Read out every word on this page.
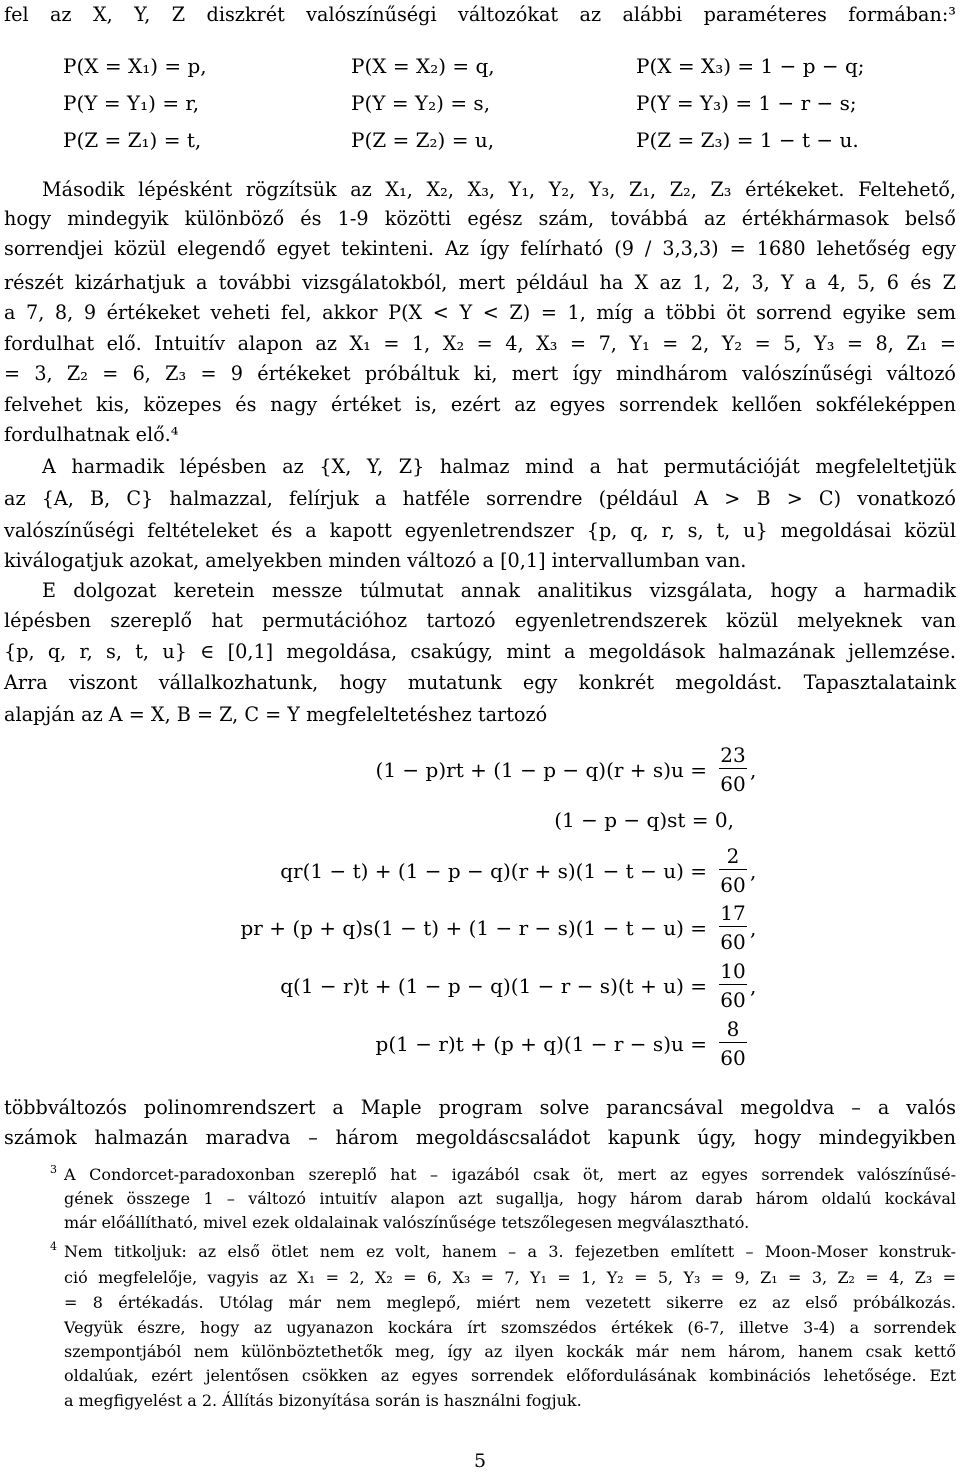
fel az X, Y, Z diszkrét valószínűségi változókat az alábbi paraméteres formában:³
P(X = X₁) = p,	P(X = X₂) = q,	P(X = X₃) = 1 − p − q;
P(Y = Y₁) = r,	P(Y = Y₂) = s,	P(Y = Y₃) = 1 − r − s;
P(Z = Z₁) = t,	P(Z = Z₂) = u,	P(Z = Z₃) = 1 − t − u.
Második lépésként rögzítsük az X₁, X₂, X₃, Y₁, Y₂, Y₃, Z₁, Z₂, Z₃ értékeket. Feltehető,
hogy mindegyik különböző és 1-9 közötti egész szám, továbbá az értékhármasok belső
sorrendjei közül elegendő egyet tekinteni. Az így felírható (9 / 3,3,3) = 1680 lehetőség egy
részét kizárhatjuk a további vizsgálatokból, mert például ha X az 1, 2, 3, Y a 4, 5, 6 és Z
a 7, 8, 9 értékeket veheti fel, akkor P(X < Y < Z) = 1, míg a többi öt sorrend egyike sem
fordulhat elő. Intuitív alapon az X₁ = 1, X₂ = 4, X₃ = 7, Y₁ = 2, Y₂ = 5, Y₃ = 8, Z₁ =
= 3, Z₂ = 6, Z₃ = 9 értékeket próbáltuk ki, mert így mindhárom valószínűségi változó
felvehet kis, közepes és nagy értéket is, ezért az egyes sorrendek kellően sokféleképpen
fordulhatnak elő.⁴
A harmadik lépésben az {X, Y, Z} halmaz mind a hat permutációját megfeleltetjük
az {A, B, C} halmazzal, felírjuk a hatféle sorrendre (például A > B > C) vonatkozó
valószínűségi feltételeket és a kapott egyenletrendszer {p, q, r, s, t, u} megoldásai közül
kiválogatjuk azokat, amelyekben minden változó a [0,1] intervallumban van.
E dolgozat keretein messze túlmutat annak analitikus vizsgálata, hogy a harmadik
lépésben szereplő hat permutációhoz tartozó egyenletrendszerek közül melyeknek van
{p, q, r, s, t, u} ∈ [0,1] megoldása, csakúgy, mint a megoldások halmazának jellemzése.
Arra viszont vállalkozhatunk, hogy mutatunk egy konkrét megoldást. Tapasztalataink
alapján az A = X, B = Z, C = Y megfeleltetéshez tartozó
$(1 - p)rt + (1 - p - q)(r + s)u = \frac{23}{60}$ ,
(1 − p − q)st = 0,
$qr(1 - t) + (1 - p - q)(r + s)(1 - t - u) = \frac{2}{60}$ ,
pr + $(p + q)s(1 - t) + (1 - r - s)(1 - t - u) = \frac{17}{60}$ ,
$q(1 - r)t + (1 - p - q)(1 - r - s)(t + u) = \frac{10}{60}$ ,
$p(1 - r)t + (p + q)(1 - r - s)u = \frac{8}{60}$
többváltozós polinomrendszert a Maple program solve parancsával megoldva – a valós
számok halmazán maradva – három megoldáscsaládot kapunk úgy, hogy mindegyikben
3 A Condorcet-paradoxonban szereplő hat – igazából csak öt, mert az egyes sorrendek valószínűsé-
gének összege 1 – változó intuitív alapon azt sugallja, hogy három darab három oldalú kockával
már előállítható, mivel ezek oldalainak valószínűsége tetszőlegesen megválasztható.
4 Nem titkoljuk: az első ötlet nem ez volt, hanem – a 3. fejezetben említett – Moon-Moser konstruk-
ció megfelelője, vagyis az X₁ = 2, X₂ = 6, X₃ = 7, Y₁ = 1, Y₂ = 5, Y₃ = 9, Z₁ = 3, Z₂ = 4, Z₃ =
= 8 értékadás. Utólag már nem meglepő, miért nem vezetett sikerre ez az első próbálkozás.
Vegyük észre, hogy az ugyanazon kockára írt szomszédos értékek (6-7, illetve 3-4) a sorrendek
szempontjából nem különböztethetők meg, így az ilyen kockák már nem három, hanem csak kettő
oldalúak, ezért jelentősen csökken az egyes sorrendek előfordulásának kombinációs lehetősége. Ezt
a megfigyelést a 2. Állítás bizonyítása során is használni fogjuk.
5
